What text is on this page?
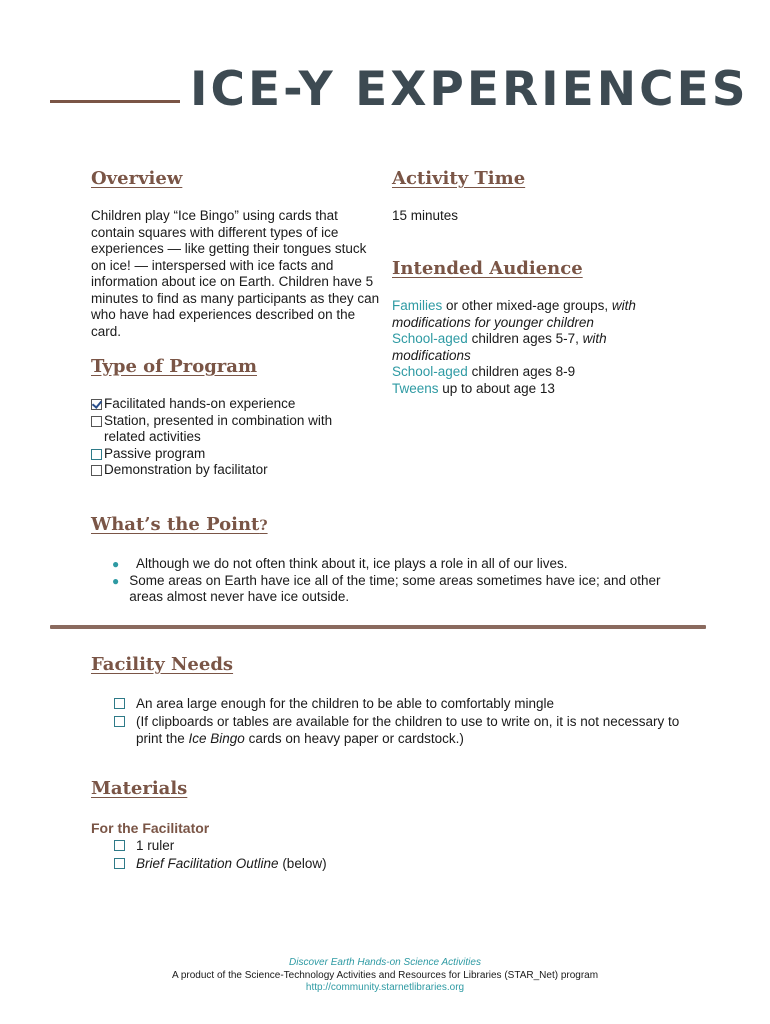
ICE-Y EXPERIENCES
Overview
Children play “Ice Bingo” using cards that contain squares with different types of ice experiences — like getting their tongues stuck on ice! — interspersed with ice facts and information about ice on Earth. Children have 5 minutes to find as many participants as they can who have had experiences described on the card.
Activity Time
15 minutes
Intended Audience
Families or other mixed-age groups, with modifications for younger children
School-aged children ages 5-7, with modifications
School-aged children ages 8-9
Tweens up to about age 13
Type of Program
Facilitated hands-on experience
Station, presented in combination with related activities
Passive program
Demonstration by facilitator
What’s the Point?
●	Although we do not often think about it, ice plays a role in all of our lives.
● Some areas on Earth have ice all of the time; some areas sometimes have ice; and other areas almost never have ice outside.
Facility Needs
An area large enough for the children to be able to comfortably mingle
(If clipboards or tables are available for the children to use to write on, it is not necessary to print the Ice Bingo cards on heavy paper or cardstock.)
Materials
For the Facilitator
1 ruler
Brief Facilitation Outline (below)
Discover Earth Hands-on Science Activities
A product of the Science-Technology Activities and Resources for Libraries (STAR_Net) program
http://community.starnetlibraries.org
